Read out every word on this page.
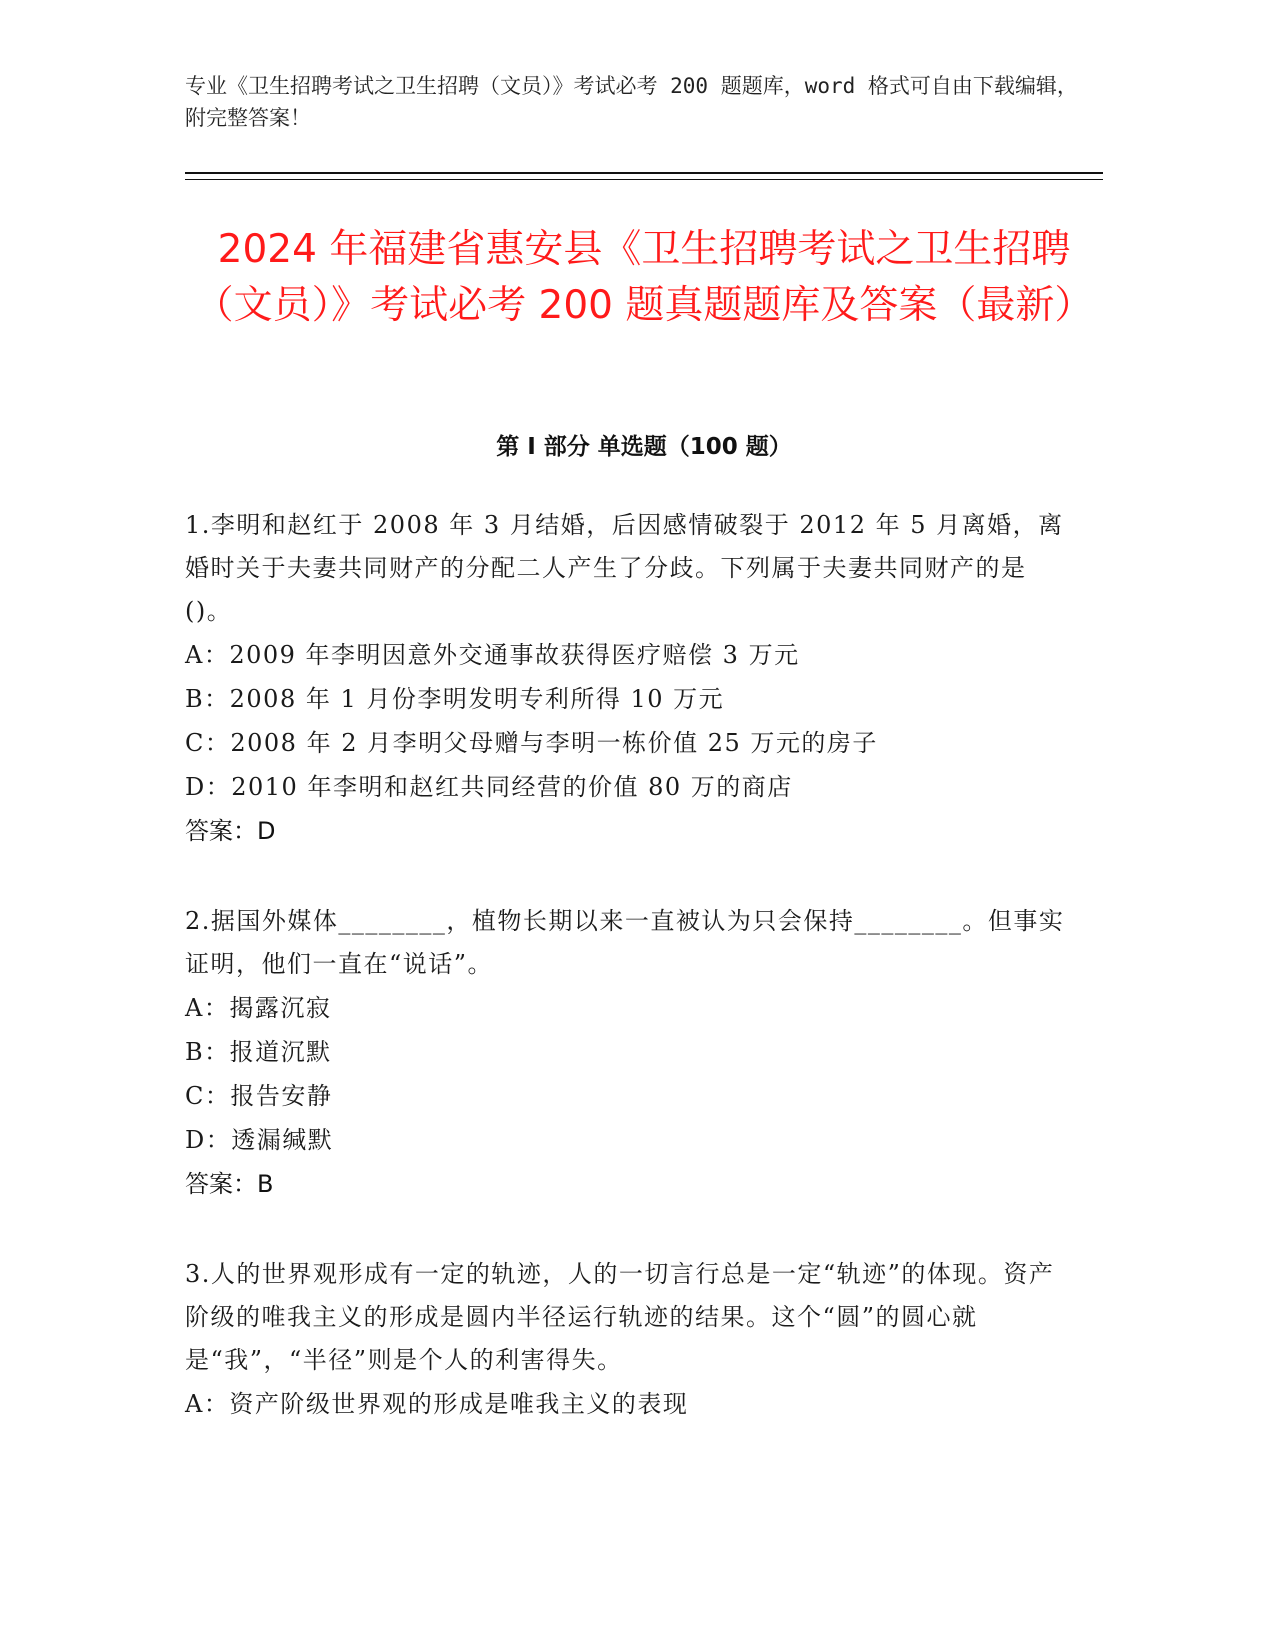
专业《卫生招聘考试之卫生招聘（文员）》考试必考 200 题题库，word 格式可自由下载编辑，附完整答案！

2024 年福建省惠安县《卫生招聘考试之卫生招聘（文员）》考试必考 200 题真题题库及答案（最新）
第 I 部分 单选题（100 题）

1.李明和赵红于 2008 年 3 月结婚，后因感情破裂于 2012 年 5 月离婚，离婚时关于夫妻共同财产的分配二人产生了分歧。下列属于夫妻共同财产的是()。

A：2009 年李明因意外交通事故获得医疗赔偿 3 万元

B：2008 年 1 月份李明发明专利所得 10 万元

C：2008 年 2 月李明父母赠与李明一栋价值 25 万元的房子

D：2010 年李明和赵红共同经营的价值 80 万的商店

答案：D

2.据国外媒体________，植物长期以来一直被认为只会保持________。但事实证明，他们一直在“说话”。

A：揭露沉寂

B：报道沉默

C：报告安静

D：透漏缄默

答案：B

3.人的世界观形成有一定的轨迹，人的一切言行总是一定“轨迹”的体现。资产阶级的唯我主义的形成是圆内半径运行轨迹的结果。这个“圆”的圆心就是“我”，“半径”则是个人的利害得失。

A：资产阶级世界观的形成是唯我主义的表现
